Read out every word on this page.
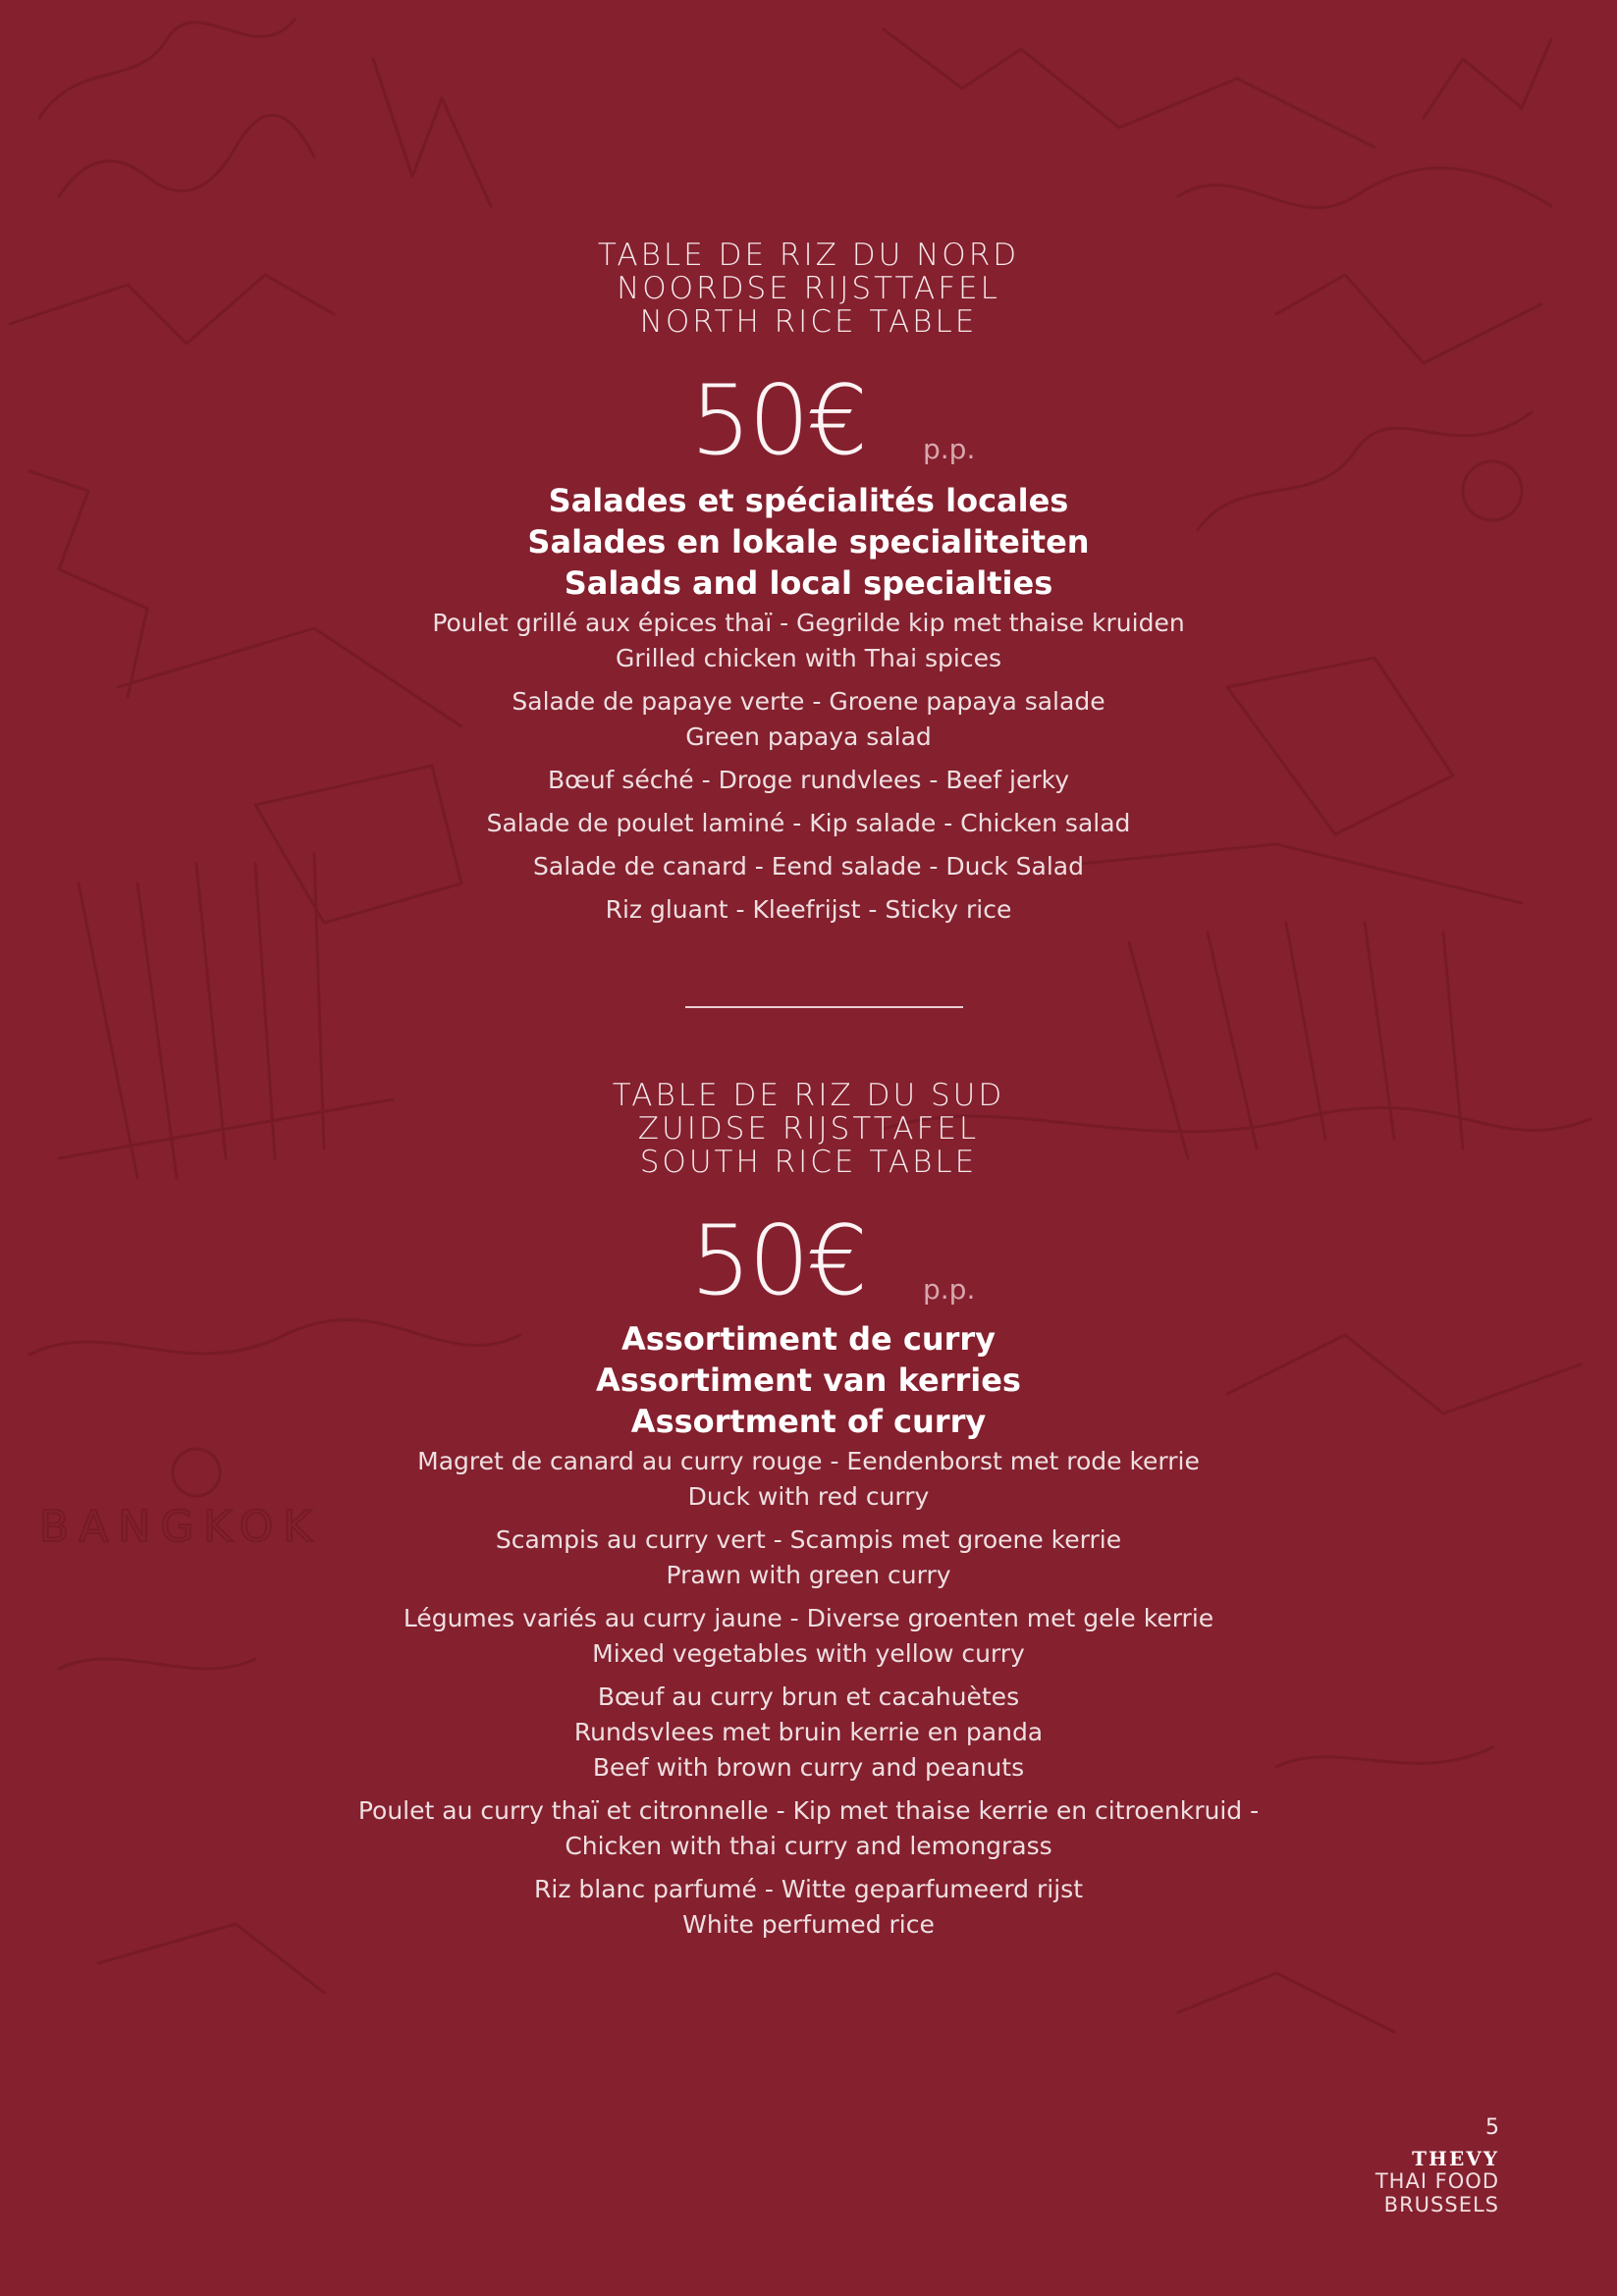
BANGKOK
TABLE DE RIZ DU NORD
NOORDSE RIJSTTAFEL
NORTH RICE TABLE
50€ p.p.
Salades et spécialités locales
Salades en lokale specialiteiten
Salads and local specialties
Poulet grillé aux épices thaï - Gegrilde kip met thaise kruiden
Grilled chicken with Thai spices
Salade de papaye verte - Groene papaya salade
Green papaya salad
Bœuf séché - Droge rundvlees - Beef jerky
Salade de poulet laminé - Kip salade - Chicken salad
Salade de canard - Eend salade - Duck Salad
Riz gluant - Kleefrijst - Sticky rice
TABLE DE RIZ DU SUD
ZUIDSE RIJSTTAFEL
SOUTH RICE TABLE
50€ p.p.
Assortiment de curry
Assortiment van kerries
Assortment of curry
Magret de canard au curry rouge - Eendenborst met rode kerrie
Duck with red curry
Scampis au curry vert - Scampis met groene kerrie
Prawn with green curry
Légumes variés au curry jaune - Diverse groenten met gele kerrie
Mixed vegetables with yellow curry
Bœuf au curry brun et cacahuètes
Rundsvlees met bruin kerrie en panda
Beef with brown curry and peanuts
Poulet au curry thaï et citronnelle - Kip met thaise kerrie en citroenkruid -
Chicken with thai curry and lemongrass
Riz blanc parfumé - Witte geparfumeerd rijst
White perfumed rice
5
THEVY
THAI FOOD
BRUSSELS
